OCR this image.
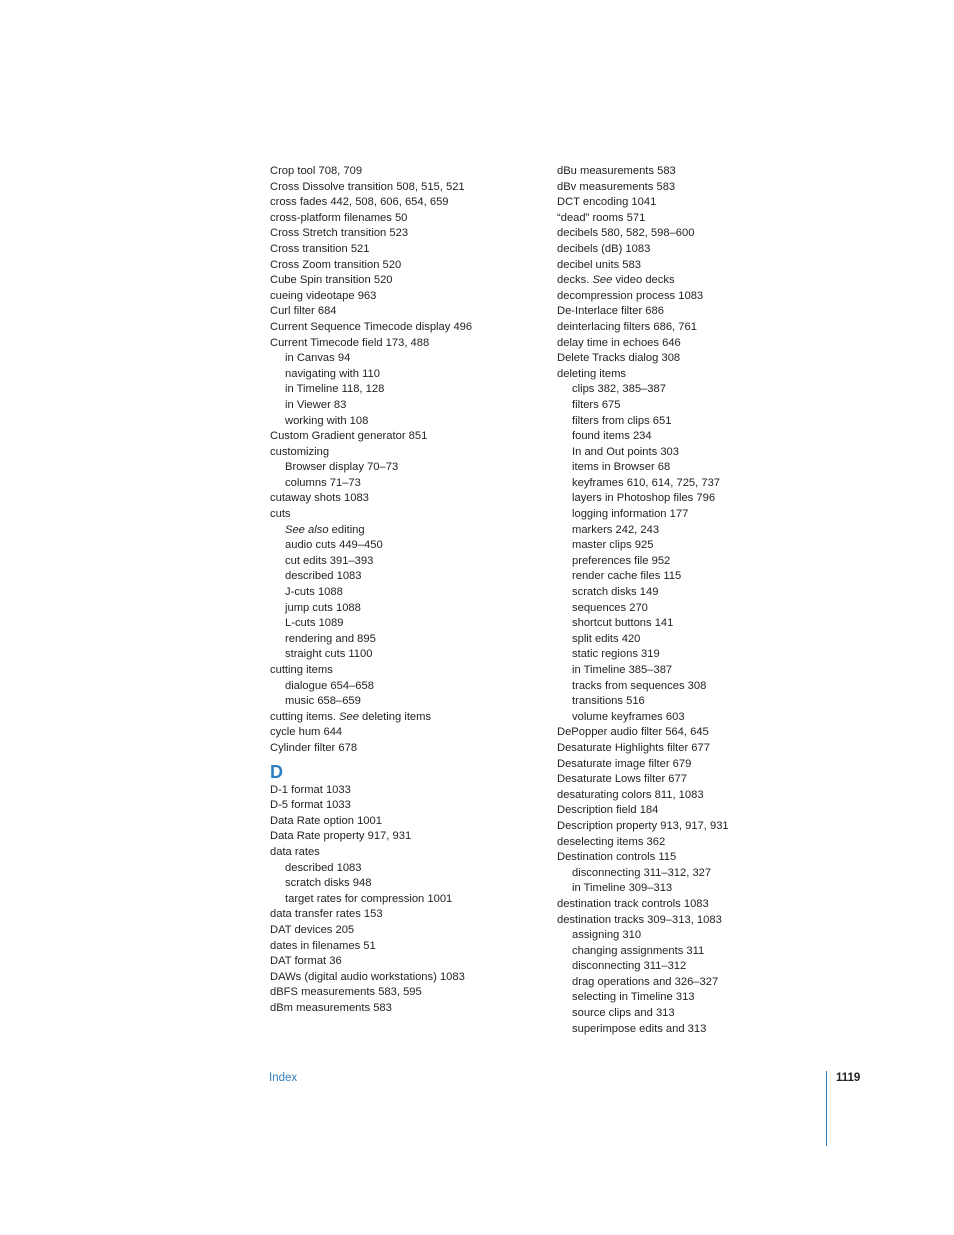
Crop tool 708, 709
Cross Dissolve transition 508, 515, 521
cross fades 442, 508, 606, 654, 659
cross-platform filenames 50
Cross Stretch transition 523
Cross transition 521
Cross Zoom transition 520
Cube Spin transition 520
cueing videotape 963
Curl filter 684
Current Sequence Timecode display 496
Current Timecode field 173, 488
in Canvas 94
navigating with 110
in Timeline 118, 128
in Viewer 83
working with 108
Custom Gradient generator 851
customizing
Browser display 70–73
columns 71–73
cutaway shots 1083
cuts
See also editing
audio cuts 449–450
cut edits 391–393
described 1083
J-cuts 1088
jump cuts 1088
L-cuts 1089
rendering and 895
straight cuts 1100
cutting items
dialogue 654–658
music 658–659
cutting items. See deleting items
cycle hum 644
Cylinder filter 678
D
D-1 format 1033
D-5 format 1033
Data Rate option 1001
Data Rate property 917, 931
data rates
described 1083
scratch disks 948
target rates for compression 1001
data transfer rates 153
DAT devices 205
dates in filenames 51
DAT format 36
DAWs (digital audio workstations) 1083
dBFS measurements 583, 595
dBm measurements 583
dBu measurements 583
dBv measurements 583
DCT encoding 1041
“dead” rooms 571
decibels 580, 582, 598–600
decibels (dB) 1083
decibel units 583
decks. See video decks
decompression process 1083
De-Interlace filter 686
deinterlacing filters 686, 761
delay time in echoes 646
Delete Tracks dialog 308
deleting items
clips 382, 385–387
filters 675
filters from clips 651
found items 234
In and Out points 303
items in Browser 68
keyframes 610, 614, 725, 737
layers in Photoshop files 796
logging information 177
markers 242, 243
master clips 925
preferences file 952
render cache files 115
scratch disks 149
sequences 270
shortcut buttons 141
split edits 420
static regions 319
in Timeline 385–387
tracks from sequences 308
transitions 516
volume keyframes 603
DePopper audio filter 564, 645
Desaturate Highlights filter 677
Desaturate image filter 679
Desaturate Lows filter 677
desaturating colors 811, 1083
Description field 184
Description property 913, 917, 931
deselecting items 362
Destination controls 115
disconnecting 311–312, 327
in Timeline 309–313
destination track controls 1083
destination tracks 309–313, 1083
assigning 310
changing assignments 311
disconnecting 311–312
drag operations and 326–327
selecting in Timeline 313
source clips and 313
superimpose edits and 313
Index	1119
